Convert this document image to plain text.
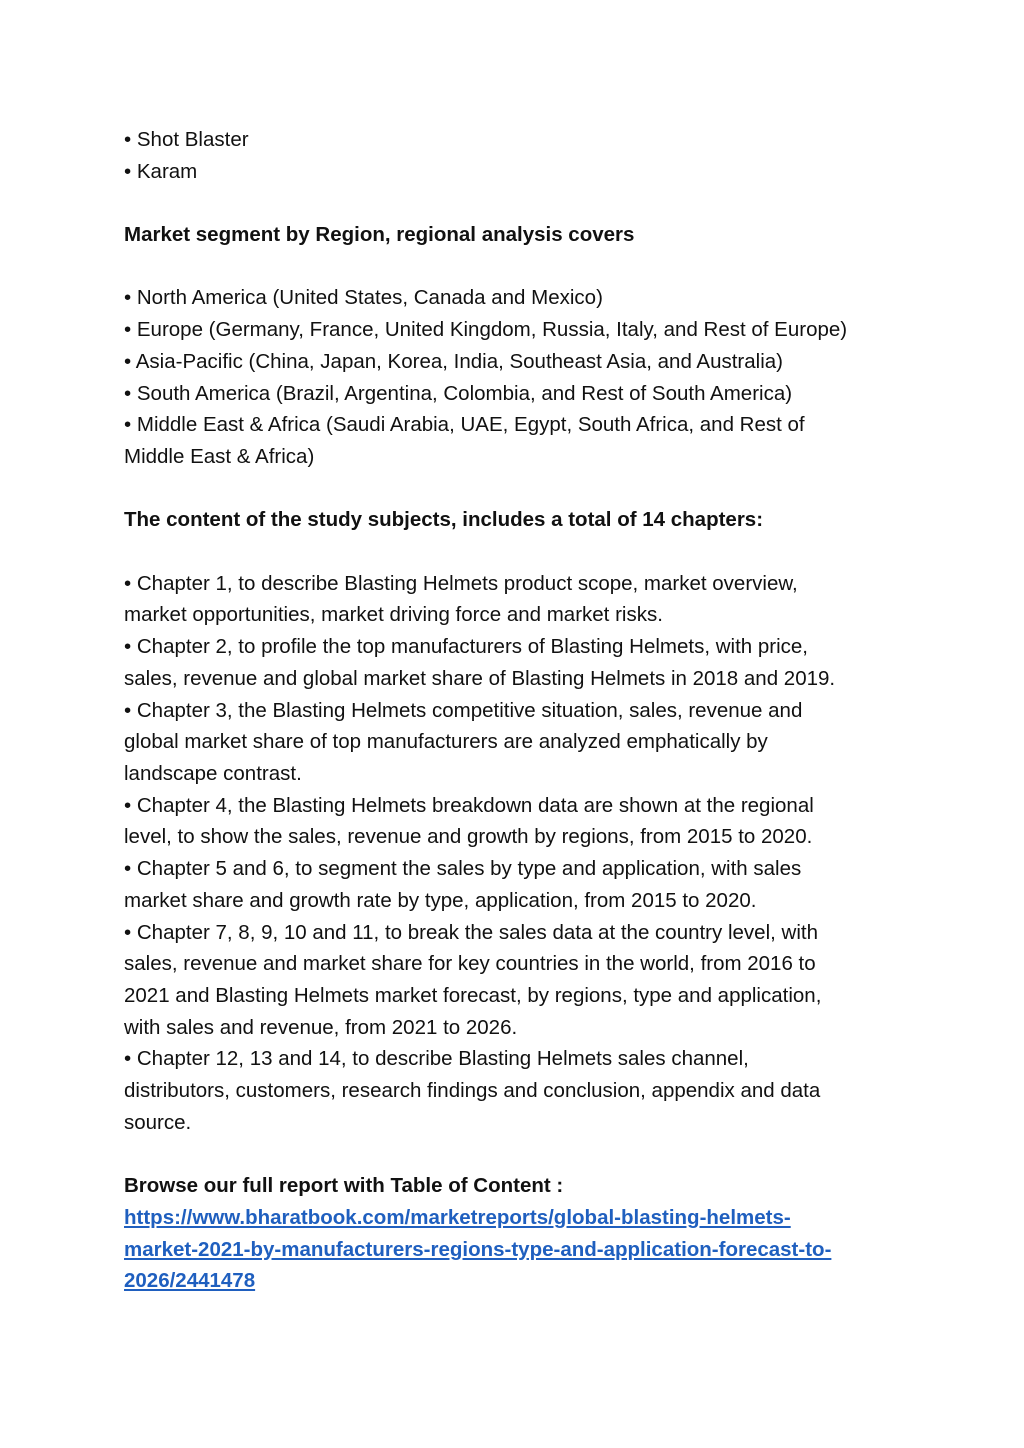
• Shot Blaster
• Karam
Market segment by Region, regional analysis covers
• North America (United States, Canada and Mexico)
• Europe (Germany, France, United Kingdom, Russia, Italy, and Rest of Europe)
• Asia-Pacific (China, Japan, Korea, India, Southeast Asia, and Australia)
• South America (Brazil, Argentina, Colombia, and Rest of South America)
• Middle East & Africa (Saudi Arabia, UAE, Egypt, South Africa, and Rest of
Middle East & Africa)
The content of the study subjects, includes a total of 14 chapters:
• Chapter 1, to describe Blasting Helmets product scope, market overview,
market opportunities, market driving force and market risks.
• Chapter 2, to profile the top manufacturers of Blasting Helmets, with price,
sales, revenue and global market share of Blasting Helmets in 2018 and 2019.
• Chapter 3, the Blasting Helmets competitive situation, sales, revenue and
global market share of top manufacturers are analyzed emphatically by
landscape contrast.
• Chapter 4, the Blasting Helmets breakdown data are shown at the regional
level, to show the sales, revenue and growth by regions, from 2015 to 2020.
• Chapter 5 and 6, to segment the sales by type and application, with sales
market share and growth rate by type, application, from 2015 to 2020.
• Chapter 7, 8, 9, 10 and 11, to break the sales data at the country level, with
sales, revenue and market share for key countries in the world, from 2016 to
2021 and Blasting Helmets market forecast, by regions, type and application,
with sales and revenue, from 2021 to 2026.
• Chapter 12, 13 and 14, to describe Blasting Helmets sales channel,
distributors, customers, research findings and conclusion, appendix and data
source.
Browse our full report with Table of Content :
https://www.bharatbook.com/marketreports/global-blasting-helmets-
market-2021-by-manufacturers-regions-type-and-application-forecast-to-
2026/2441478
